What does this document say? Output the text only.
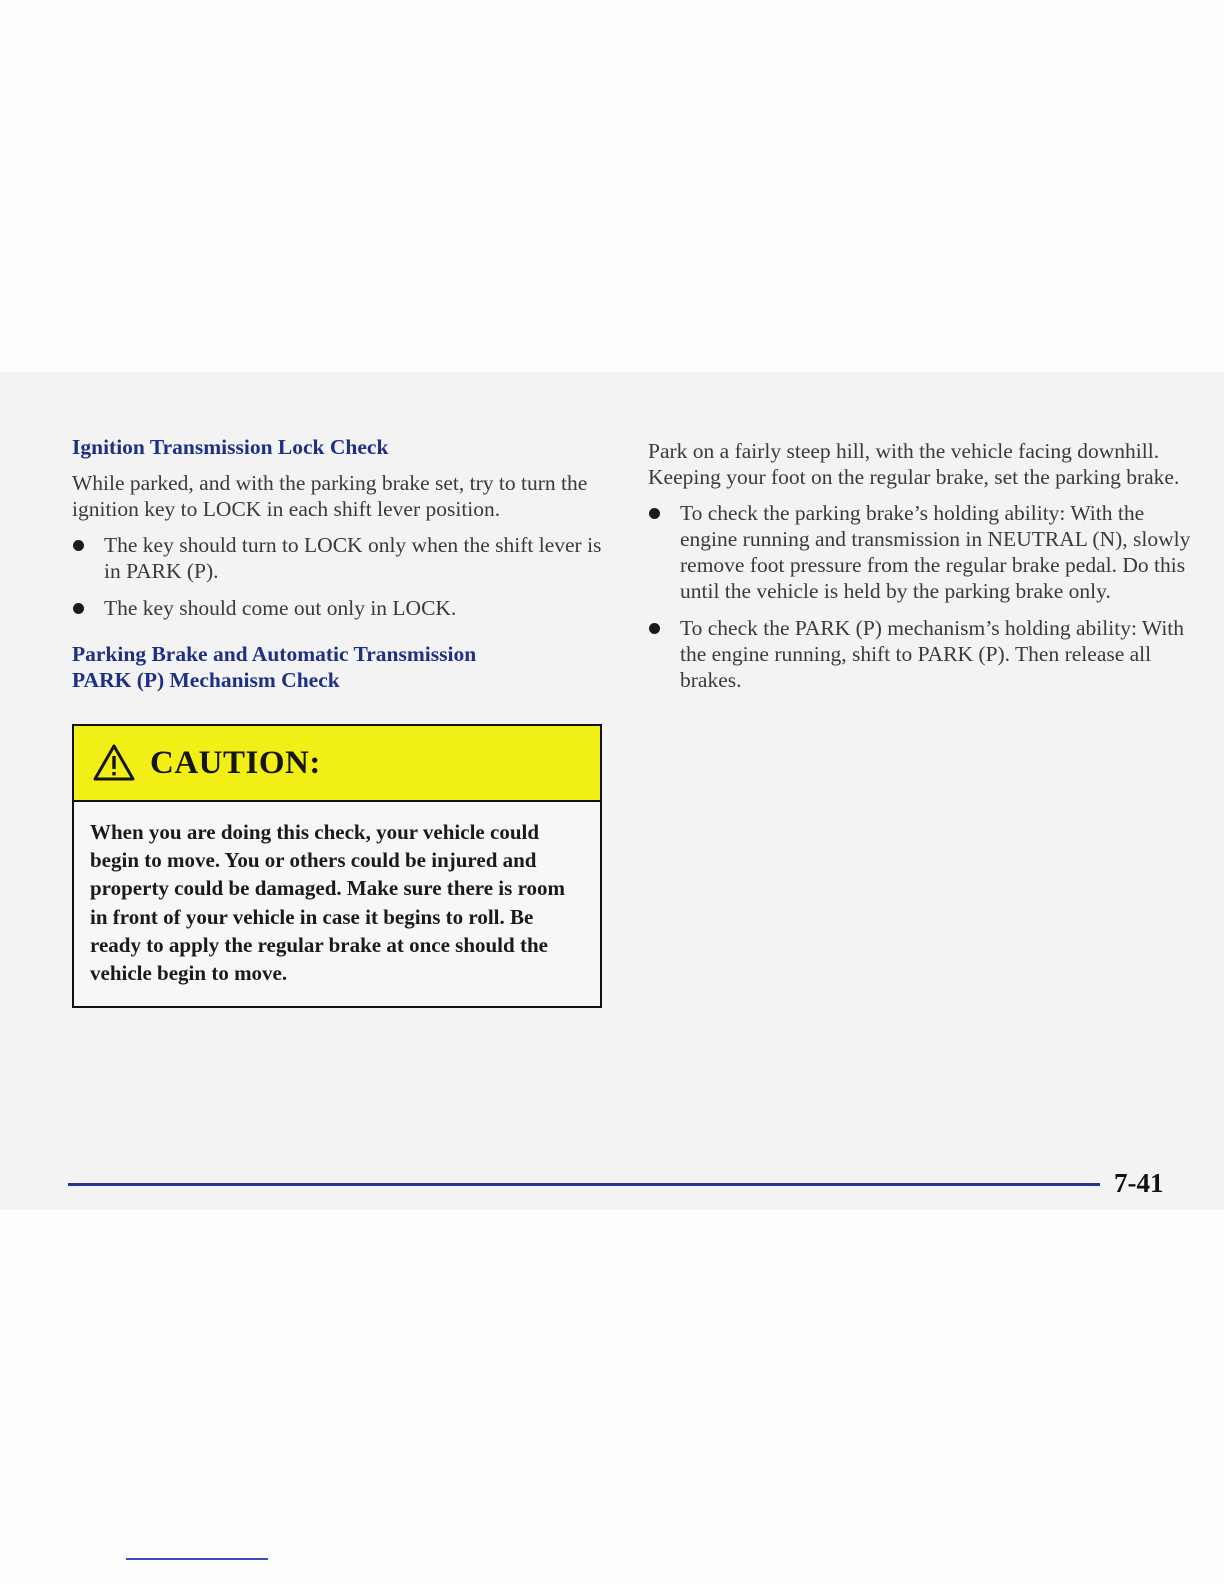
Ignition Transmission Lock Check

While parked, and with the parking brake set, try to turn the ignition key to LOCK in each shift lever position.

The key should turn to LOCK only when the shift lever is in PARK (P).
The key should come out only in LOCK.
Parking Brake and Automatic Transmission
PARK (P) Mechanism Check
CAUTION:
When you are doing this check, your vehicle could begin to move. You or others could be injured and property could be damaged. Make sure there is room in front of your vehicle in case it begins to roll. Be ready to apply the regular brake at once should the vehicle begin to move.

Park on a fairly steep hill, with the vehicle facing downhill. Keeping your foot on the regular brake, set the parking brake.

To check the parking brake’s holding ability: With the engine running and transmission in NEUTRAL (N), slowly remove foot pressure from the regular brake pedal. Do this until the vehicle is held by the parking brake only.
To check the PARK (P) mechanism’s holding ability: With the engine running, shift to PARK (P). Then release all brakes.
7-41
